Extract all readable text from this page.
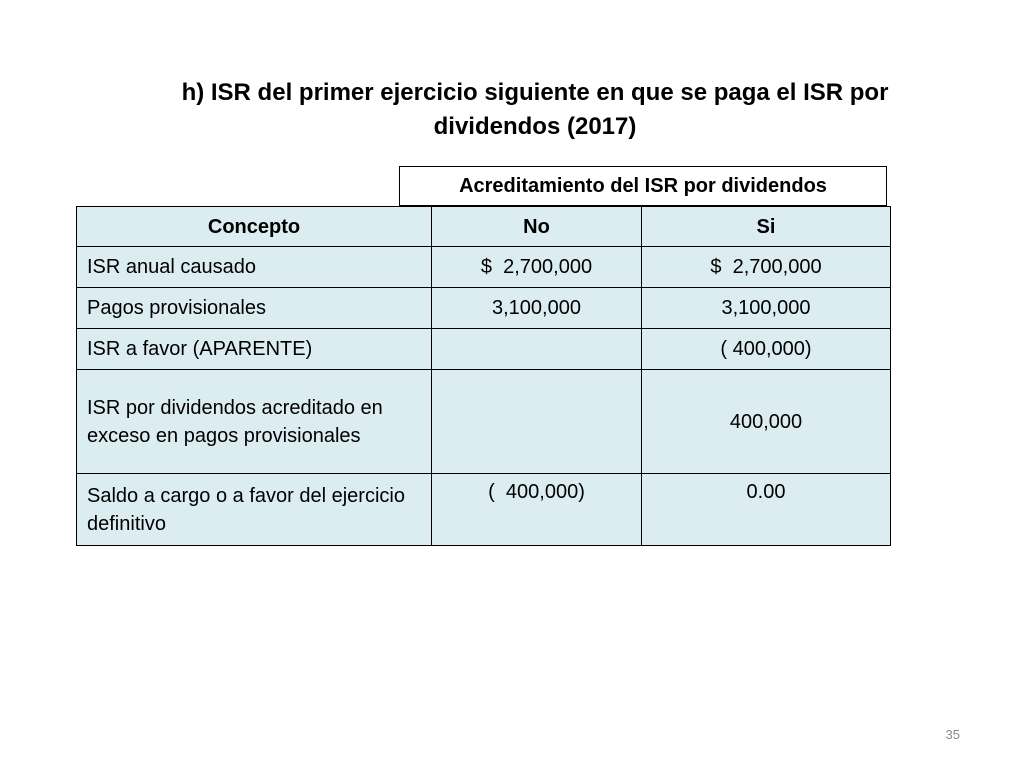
h) ISR del primer ejercicio siguiente en que se paga el ISR por
dividendos (2017)
Acreditamiento del ISR por dividendos
Concepto	No	Si
ISR anual causado	$  2,700,000	$  2,700,000
Pagos provisionales	3,100,000	3,100,000
ISR a favor (APARENTE)		( 400,000)
ISR por dividendos acreditado en exceso en pagos provisionales		400,000
Saldo a cargo o a favor del ejercicio definitivo	(  400,000)	0.00
35
